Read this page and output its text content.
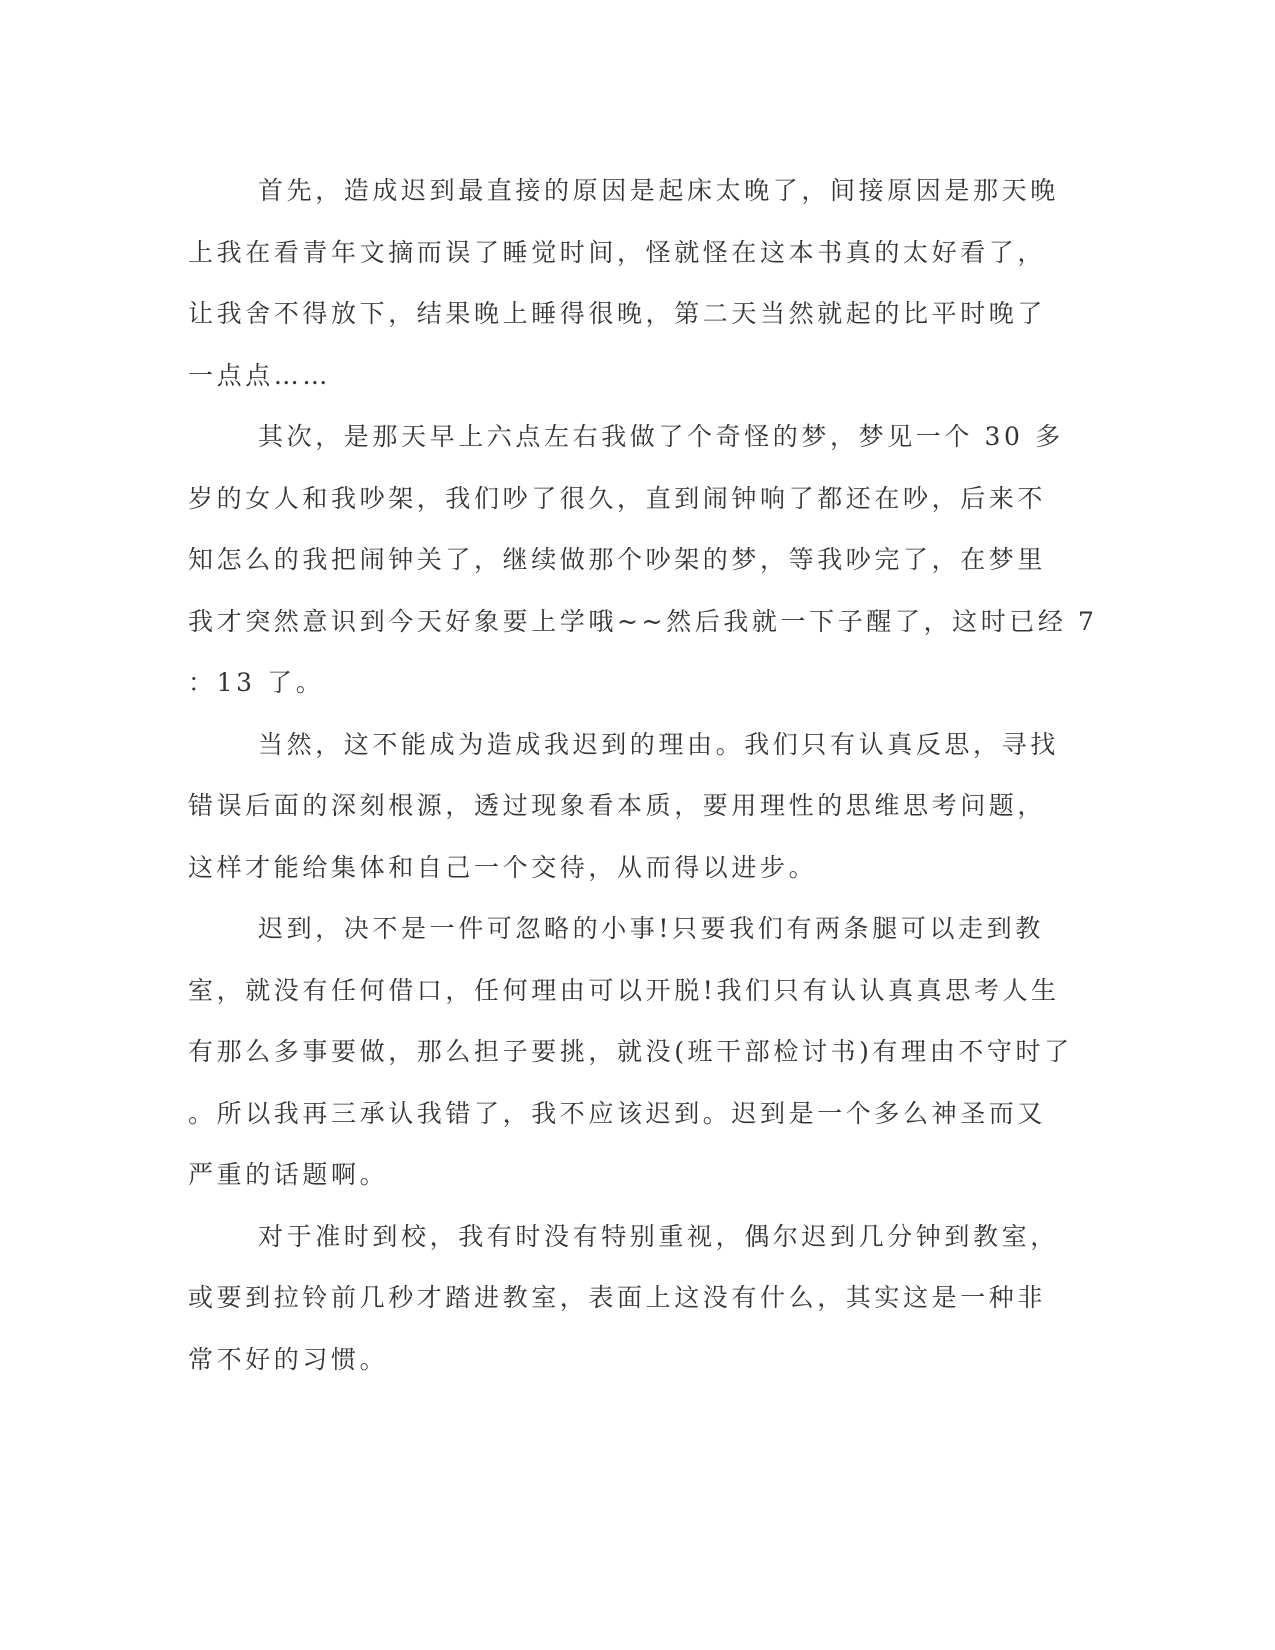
首先，造成迟到最直接的原因是起床太晚了，间接原因是那天晚
上我在看青年文摘而误了睡觉时间，怪就怪在这本书真的太好看了，
让我舍不得放下，结果晚上睡得很晚，第二天当然就起的比平时晚了
一点点……
其次，是那天早上六点左右我做了个奇怪的梦，梦见一个 30 多
岁的女人和我吵架，我们吵了很久，直到闹钟响了都还在吵，后来不
知怎么的我把闹钟关了，继续做那个吵架的梦，等我吵完了，在梦里
我才突然意识到今天好象要上学哦~~然后我就一下子醒了，这时已经 7
：13 了。
当然，这不能成为造成我迟到的理由。我们只有认真反思，寻找
错误后面的深刻根源，透过现象看本质，要用理性的思维思考问题，
这样才能给集体和自己一个交待，从而得以进步。
迟到，决不是一件可忽略的小事!只要我们有两条腿可以走到教
室，就没有任何借口，任何理由可以开脱!我们只有认认真真思考人生
有那么多事要做，那么担子要挑，就没(班干部检讨书)有理由不守时了
。所以我再三承认我错了，我不应该迟到。迟到是一个多么神圣而又
严重的话题啊。
对于准时到校，我有时没有特别重视，偶尔迟到几分钟到教室，
或要到拉铃前几秒才踏进教室，表面上这没有什么，其实这是一种非
常不好的习惯。
